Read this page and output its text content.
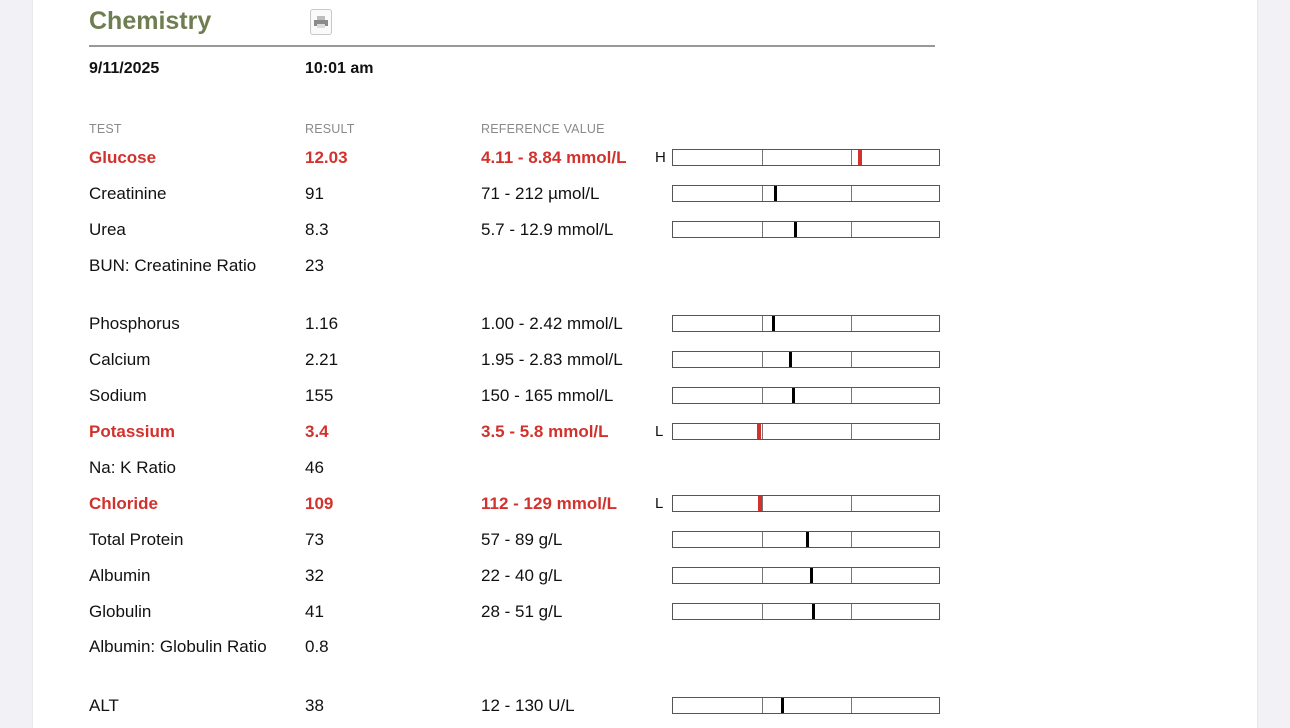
Chemistry
9/11/2025	10:01 am
TEST	RESULT	REFERENCE VALUE
Glucose	12.03	4.11 - 8.84 mmol/L H
Creatinine	91	71 - 212 µmol/L
Urea	8.3	5.7 - 12.9 mmol/L
BUN: Creatinine Ratio	23
Phosphorus	1.16	1.00 - 2.42 mmol/L
Calcium	2.21	1.95 - 2.83 mmol/L
Sodium	155	150 - 165 mmol/L
Potassium	3.4	3.5 - 5.8 mmol/L	L
Na: K Ratio	46
Chloride	109	112 - 129 mmol/L	L
Total Protein	73	57 - 89 g/L
Albumin	32	22 - 40 g/L
Globulin	41	28 - 51 g/L
Albumin: Globulin Ratio	0.8
ALT	38	12 - 130 U/L
